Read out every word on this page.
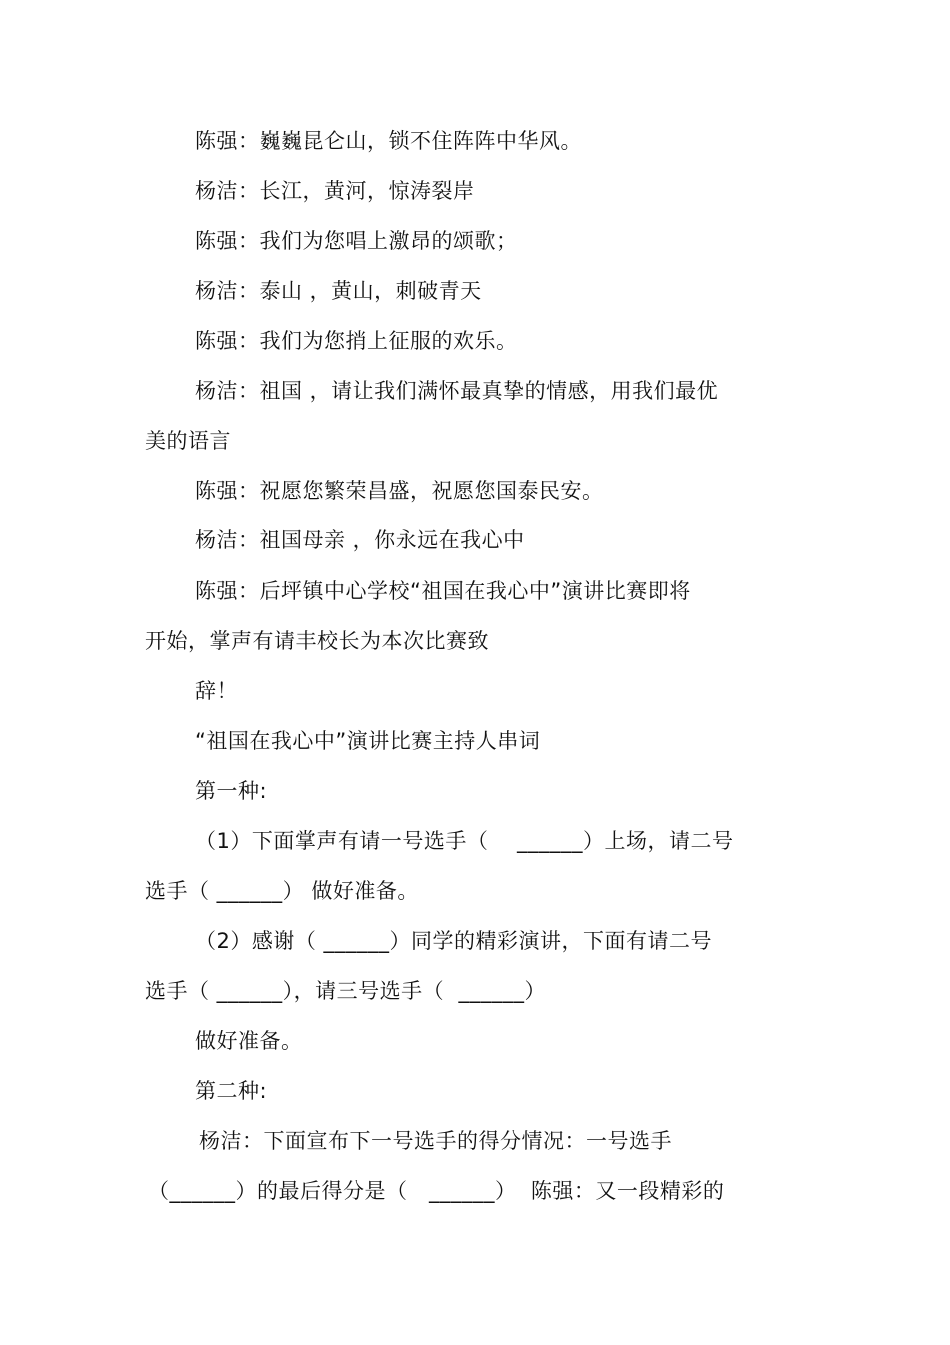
陈强：巍巍昆仑山，锁不住阵阵中华风。
杨洁：长江，黄河，惊涛裂岸
陈强：我们为您唱上激昂的颂歌；
杨洁：泰山 ，黄山，刺破青天
陈强：我们为您捎上征服的欢乐。
杨洁：祖国 ，请让我们满怀最真挚的情感，用我们最优
美的语言
陈强：祝愿您繁荣昌盛，祝愿您国泰民安。
杨洁：祖国母亲 ，你永远在我心中
陈强：后坪镇中心学校“祖国在我心中”演讲比赛即将
开始，掌声有请丰校长为本次比赛致
辞！
“祖国在我心中”演讲比赛主持人串词
第一种:
（1）下面掌声有请一号选手（    ______）上场，请二号
选手（ ______） 做好准备。
（2）感谢（ ______）同学的精彩演讲，下面有请二号
选手（ ______），请三号选手（  ______）
做好准备。
第二种:
杨洁：下面宣布下一号选手的得分情况：一号选手
（______）的最后得分是（   ______）  陈强：又一段精彩的
